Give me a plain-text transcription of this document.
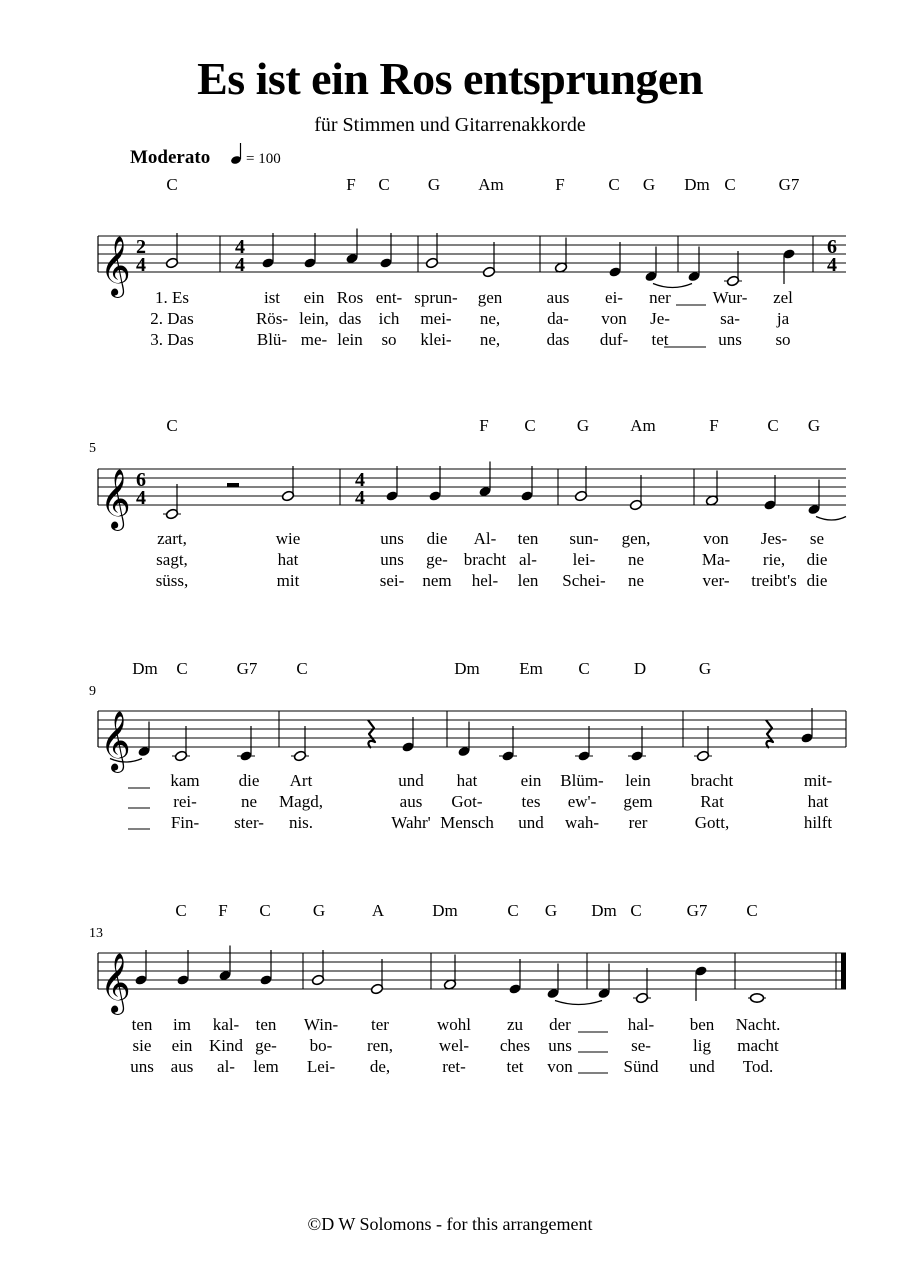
Es ist ein Ros entsprungen
für Stimmen und Gitarrenakkorde
Moderato = 100
5
9
13
𝄞 2
4
4
4
6
4
C	F C G Am	F	C G Dm C	G7
1. Es	ist ein Ros ent- sprun- gen	aus ei- ner Wur- zel
2. Das	Rös- lein, das ich mei- ne,	da- von Je-	sa- ja
3. Das	Blü- me- lein so klei- ne,	das duf- tet	uns so
𝄞 6
4
4
4
C	F C G Am	F	C G
zart,	wie	uns die Al- ten sun- gen,	von Jes- se
sagt,	hat	uns ge- bracht al- lei- ne	Ma- rie, die
süss,	mit	sei- nem hel- len Schei- ne	ver- treibt's die
𝄞
Dm C	G7 C	Dm Em C	D	G
kam die Art	und hat	ein Blüm- lein bracht	mit-
rei-	ne Magd,	aus Got- tes ew'- gem	Rat	hat
Fin- ster- nis.	Wahr' Mensch und wah- rer	Gott,	hilft
𝄞
C F C G	A	Dm	C G Dm C	G7 C
ten im kal- ten Win- ter	wohl zu der	hal- ben Nacht.
sie ein Kind ge- bo- ren,	wel- ches uns	se- lig macht
uns aus al- lem Lei- de,	ret- tet von	Sünd und Tod.
©D W Solomons - for this arrangement
